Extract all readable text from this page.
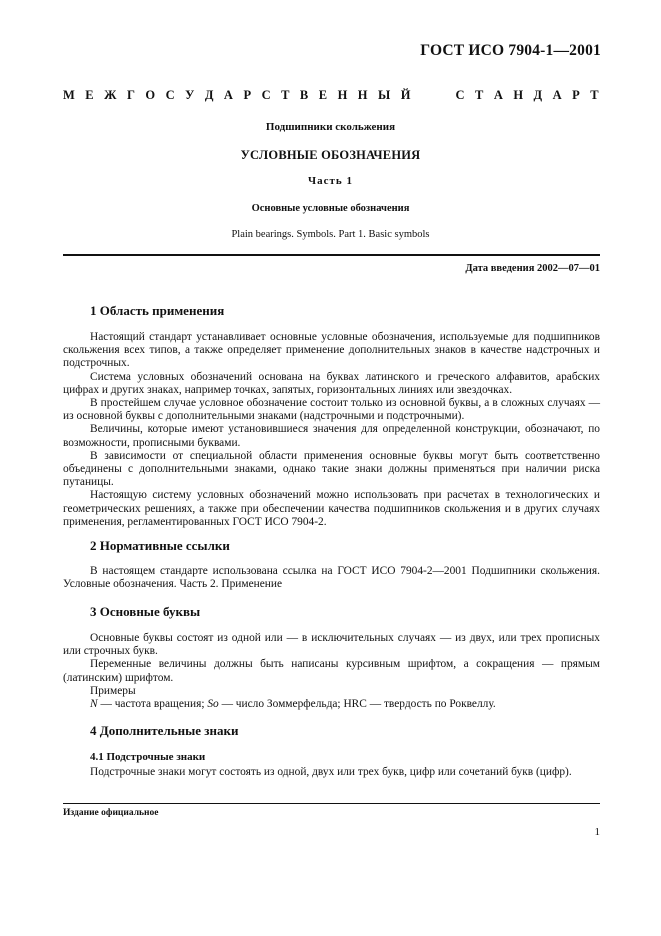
ГОСТ ИСО 7904-1—2001
М Е Ж Г О С У Д А Р С Т В Е Н Н Ы Й	С Т А Н Д А Р Т
Подшипники скольжения
УСЛОВНЫЕ ОБОЗНАЧЕНИЯ
Часть 1
Основные условные обозначения
Plain bearings. Symbols. Part 1. Basic symbols
Дата введения 2002—07—01
1 Область применения

Настоящий стандарт устанавливает основные условные обозначения, используемые для подшипников скольжения всех типов, а также определяет применение дополнительных знаков в качестве надстрочных и подстрочных.

Система условных обозначений основана на буквах латинского и греческого алфавитов, арабских цифрах и других знаках, например точках, запятых, горизонтальных линиях или звездочках.

В простейшем случае условное обозначение состоит только из основной буквы, а в сложных случаях — из основной буквы с дополнительными знаками (надстрочными и подстрочными).

Величины, которые имеют установившиеся значения для определенной конструкции, обозначают, по возможности, прописными буквами.

В зависимости от специальной области применения основные буквы могут быть соответственно объединены с дополнительными знаками, однако такие знаки должны применяться при наличии риска путаницы.

Настоящую систему условных обозначений можно использовать при расчетах в технологических и геометрических решениях, а также при обеспечении качества подшипников скольжения и в других случаях применения, регламентированных ГОСТ ИСО 7904-2.

2 Нормативные ссылки

В настоящем стандарте использована ссылка на ГОСТ ИСО 7904-2—2001 Подшипники скольжения. Условные обозначения. Часть 2. Применение

3 Основные буквы

Основные буквы состоят из одной или — в исключительных случаях — из двух, или трех прописных или строчных букв.

Переменные величины должны быть написаны курсивным шрифтом, а сокращения — прямым (латинским) шрифтом.

Примеры

N — частота вращения; So — число Зоммерфельда; HRC — твердость по Роквеллу.

4 Дополнительные знаки
4.1 Подстрочные знаки

Подстрочные знаки могут состоять из одной, двух или трех букв, цифр или сочетаний букв (цифр).

Издание официальное
1
